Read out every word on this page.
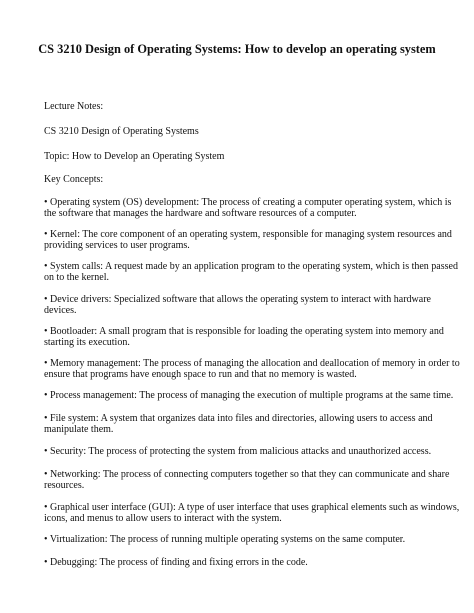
CS 3210 Design of Operating Systems: How to develop an operating system
Lecture Notes:
CS 3210 Design of Operating Systems
Topic: How to Develop an Operating System
Key Concepts:
• Operating system (OS) development: The process of creating a computer operating system, which is
the software that manages the hardware and software resources of a computer.
• Kernel: The core component of an operating system, responsible for managing system resources and
providing services to user programs.
• System calls: A request made by an application program to the operating system, which is then passed
on to the kernel.
• Device drivers: Specialized software that allows the operating system to interact with hardware
devices.
• Bootloader: A small program that is responsible for loading the operating system into memory and
starting its execution.
• Memory management: The process of managing the allocation and deallocation of memory in order to
ensure that programs have enough space to run and that no memory is wasted.
• Process management: The process of managing the execution of multiple programs at the same time.
• File system: A system that organizes data into files and directories, allowing users to access and
manipulate them.
• Security: The process of protecting the system from malicious attacks and unauthorized access.
• Networking: The process of connecting computers together so that they can communicate and share
resources.
• Graphical user interface (GUI): A type of user interface that uses graphical elements such as windows,
icons, and menus to allow users to interact with the system.
• Virtualization: The process of running multiple operating systems on the same computer.
• Debugging: The process of finding and fixing errors in the code.
